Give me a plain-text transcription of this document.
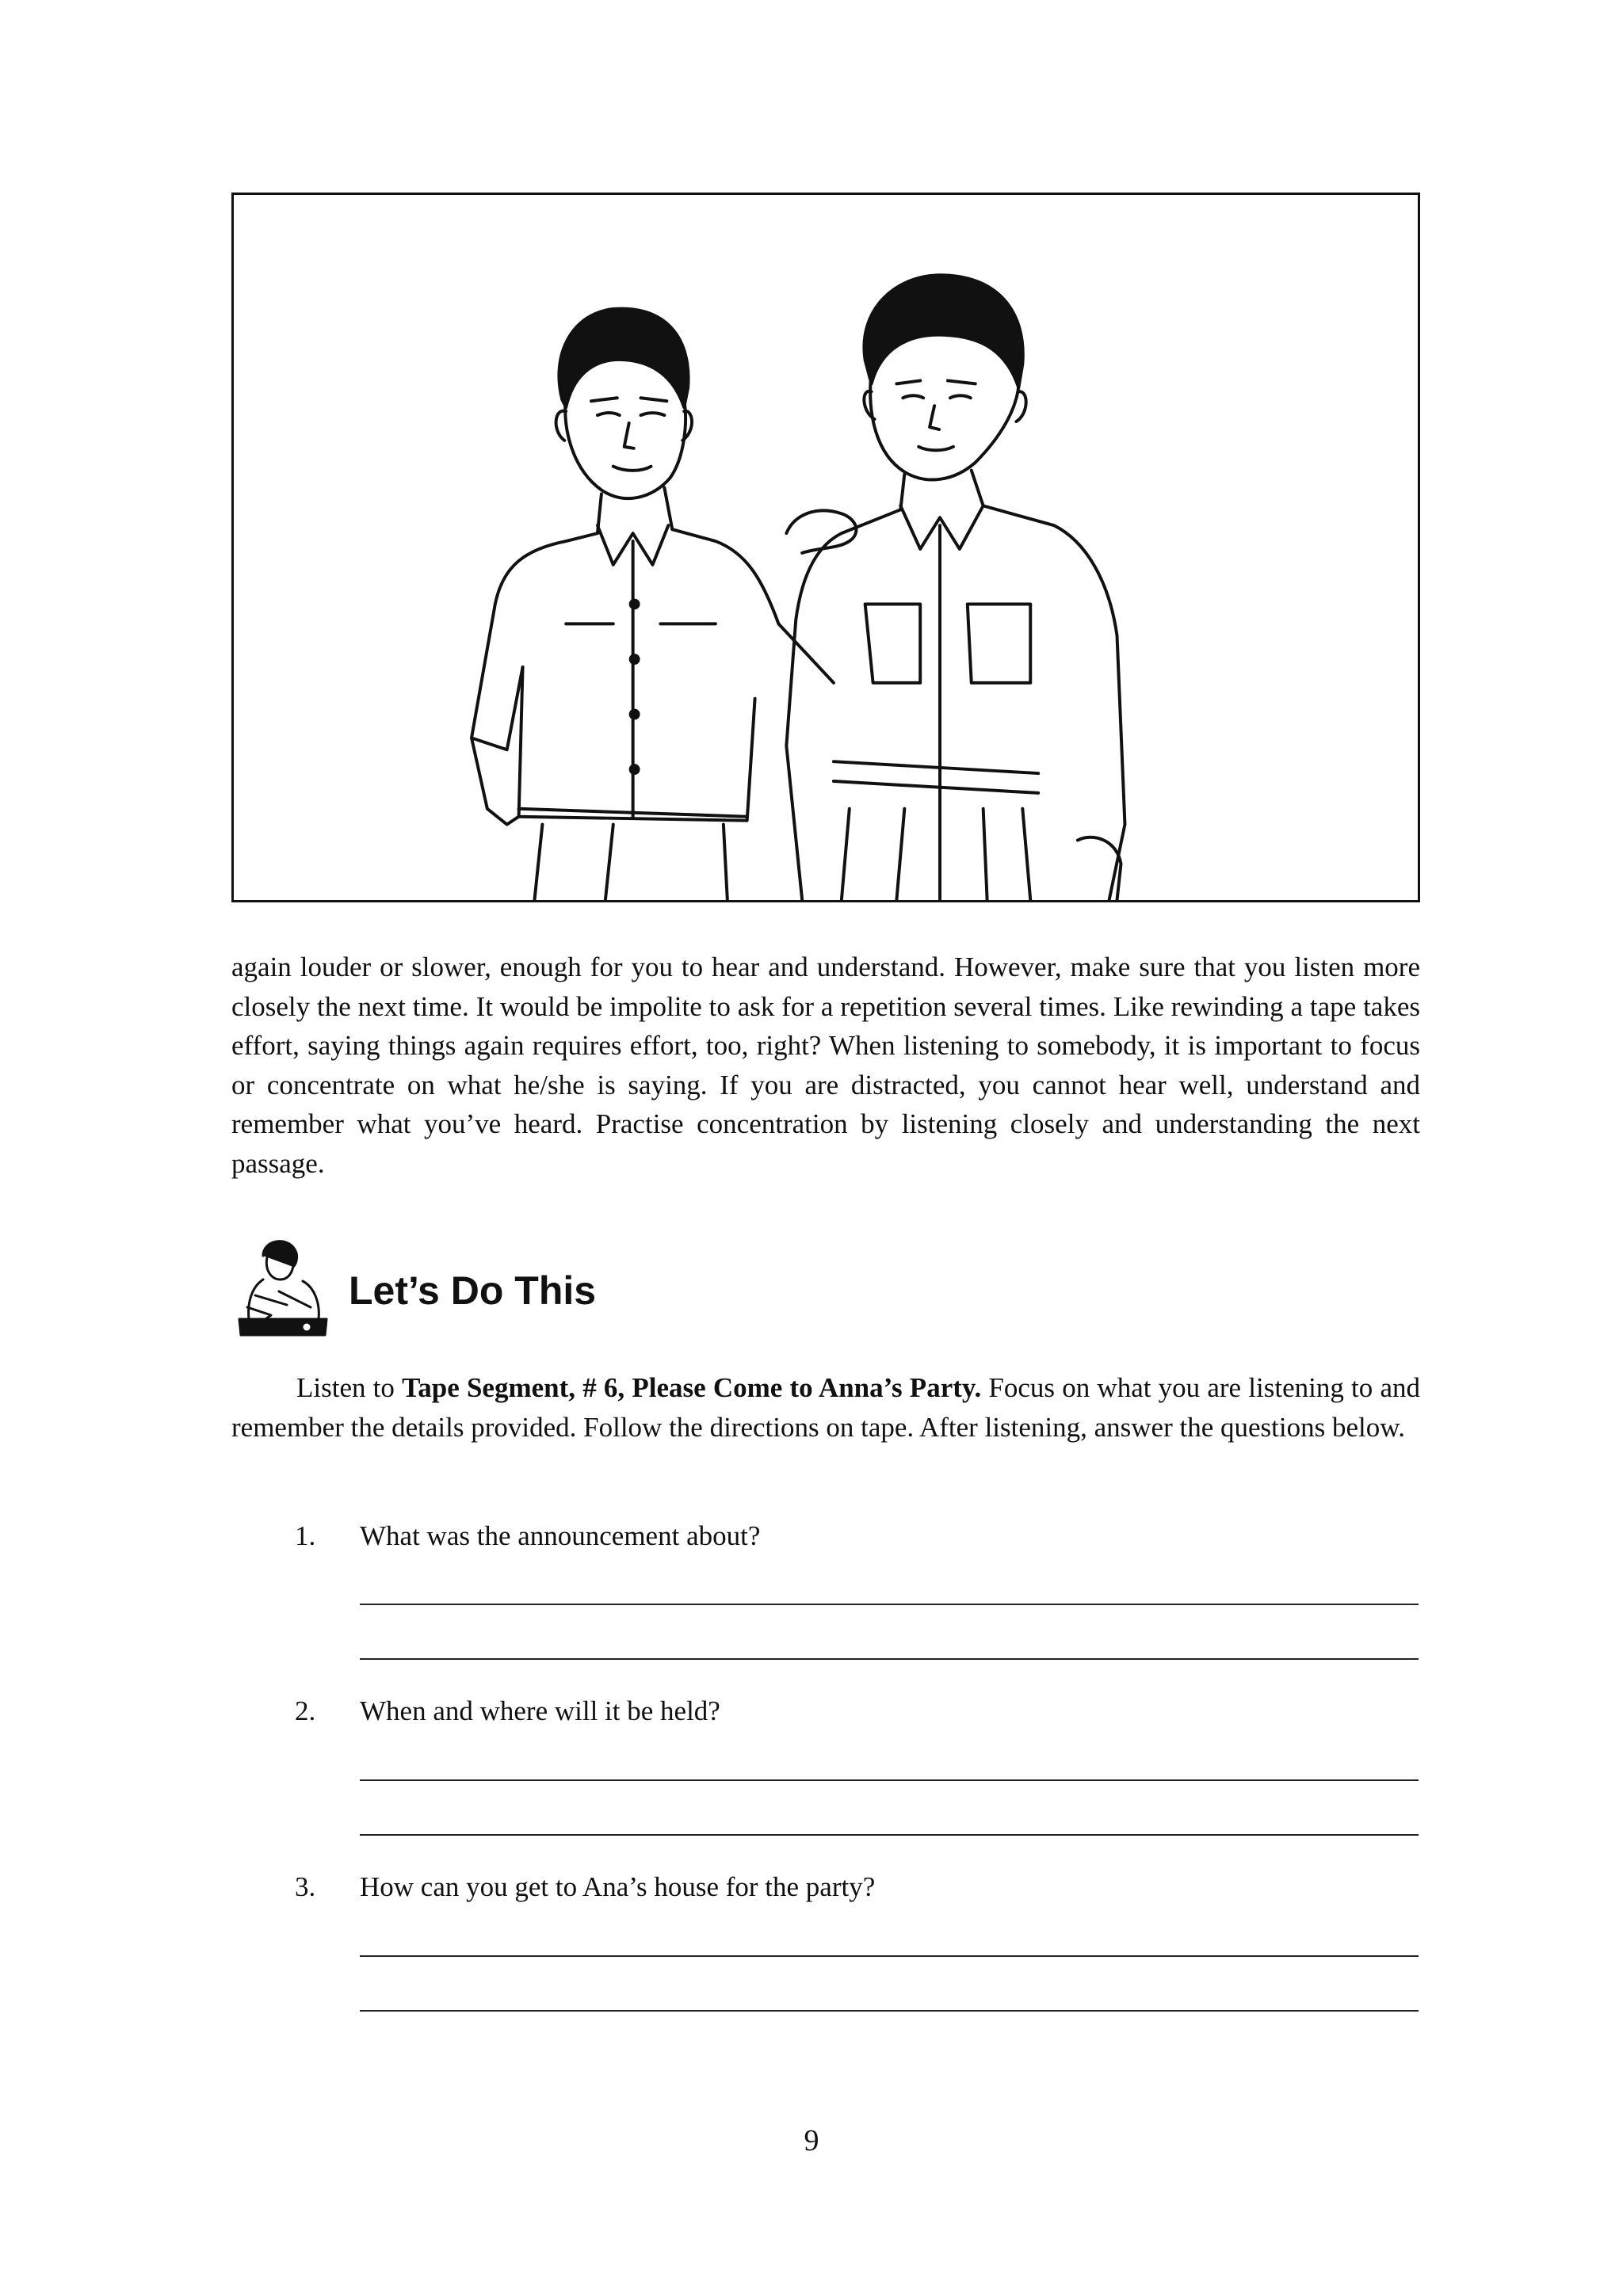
again louder or slower, enough for you to hear and understand. However, make sure that you listen more closely the next time. It would be impolite to ask for a repetition several times. Like rewinding a tape takes effort, saying things again requires effort, too, right? When listening to somebody, it is important to focus or concentrate on what he/she is saying. If you are distracted, you cannot hear well, understand and remember what you’ve heard. Practise concentration by listening closely and understanding the next passage.

Let’s Do This

Listen to Tape Segment, # 6, Please Come to Anna’s Party. Focus on what you are listening to and remember the details provided. Follow the directions on tape. After listening, answer the questions below.

1. What was the announcement about?
2. When and where will it be held?
3. How can you get to Ana’s house for the party?
9
